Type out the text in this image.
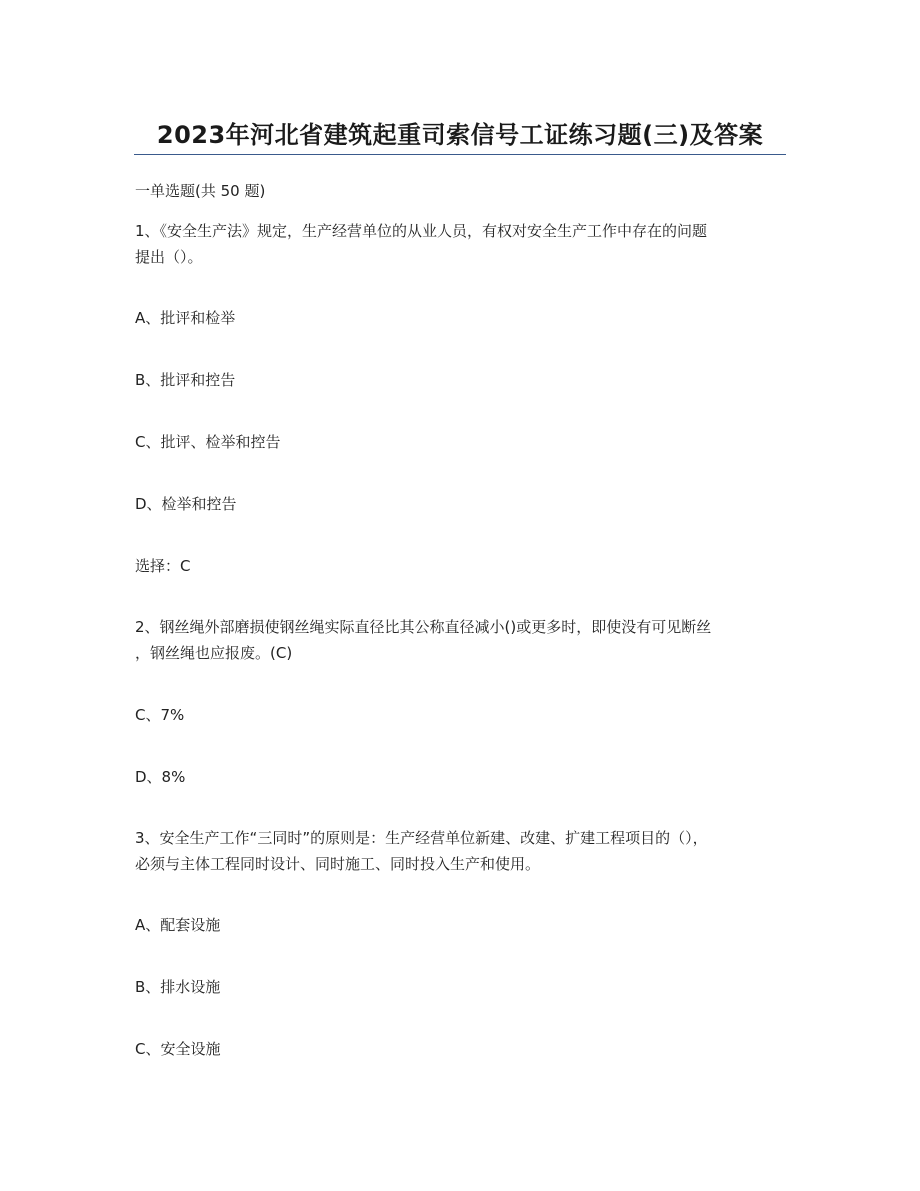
2023年河北省建筑起重司索信号工证练习题(三)及答案
一单选题(共 50 题)
1、《安全生产法》规定，生产经营单位的从业人员，有权对安全生产工作中存在的问题
提出（）。
A、批评和检举
B、批评和控告
C、批评、检举和控告
D、检举和控告
选择：C
2、钢丝绳外部磨损使钢丝绳实际直径比其公称直径减小()或更多时，即使没有可见断丝
，钢丝绳也应报废。(C)
C、7%
D、8%
3、安全生产工作“三同时”的原则是：生产经营单位新建、改建、扩建工程项目的（），
必须与主体工程同时设计、同时施工、同时投入生产和使用。
A、配套设施
B、排水设施
C、安全设施
